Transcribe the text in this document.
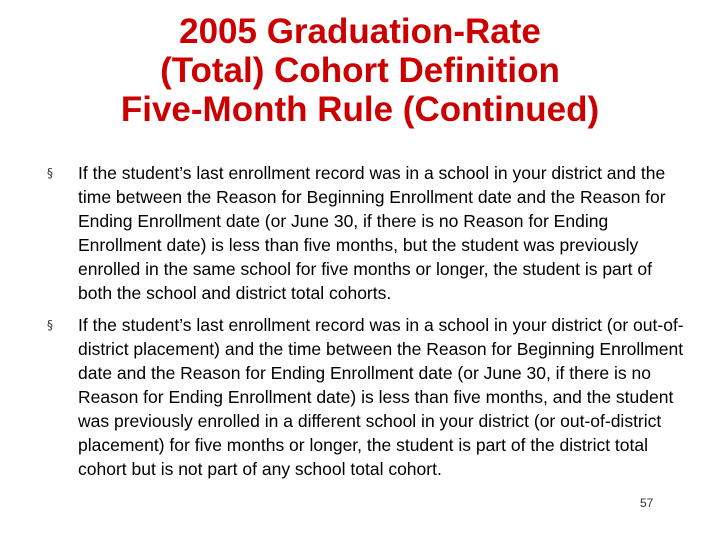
2005 Graduation-Rate
(Total) Cohort Definition
Five-Month Rule (Continued)
§	If the student’s last enrollment record was in a school in your district and the time between the Reason for Beginning Enrollment date and the Reason for Ending Enrollment date (or June 30, if there is no Reason for Ending Enrollment date) is less than five months, but the student was previously enrolled in the same school for five months or longer, the student is part of both the school and district total cohorts.
§	If the student’s last enrollment record was in a school in your district (or out-of-district placement) and the time between the Reason for Beginning Enrollment date and the Reason for Ending Enrollment date (or June 30, if there is no Reason for Ending Enrollment date) is less than five months, and the student was previously enrolled in a different school in your district (or out-of-district placement) for five months or longer, the student is part of the district total cohort but is not part of any school total cohort.
57
